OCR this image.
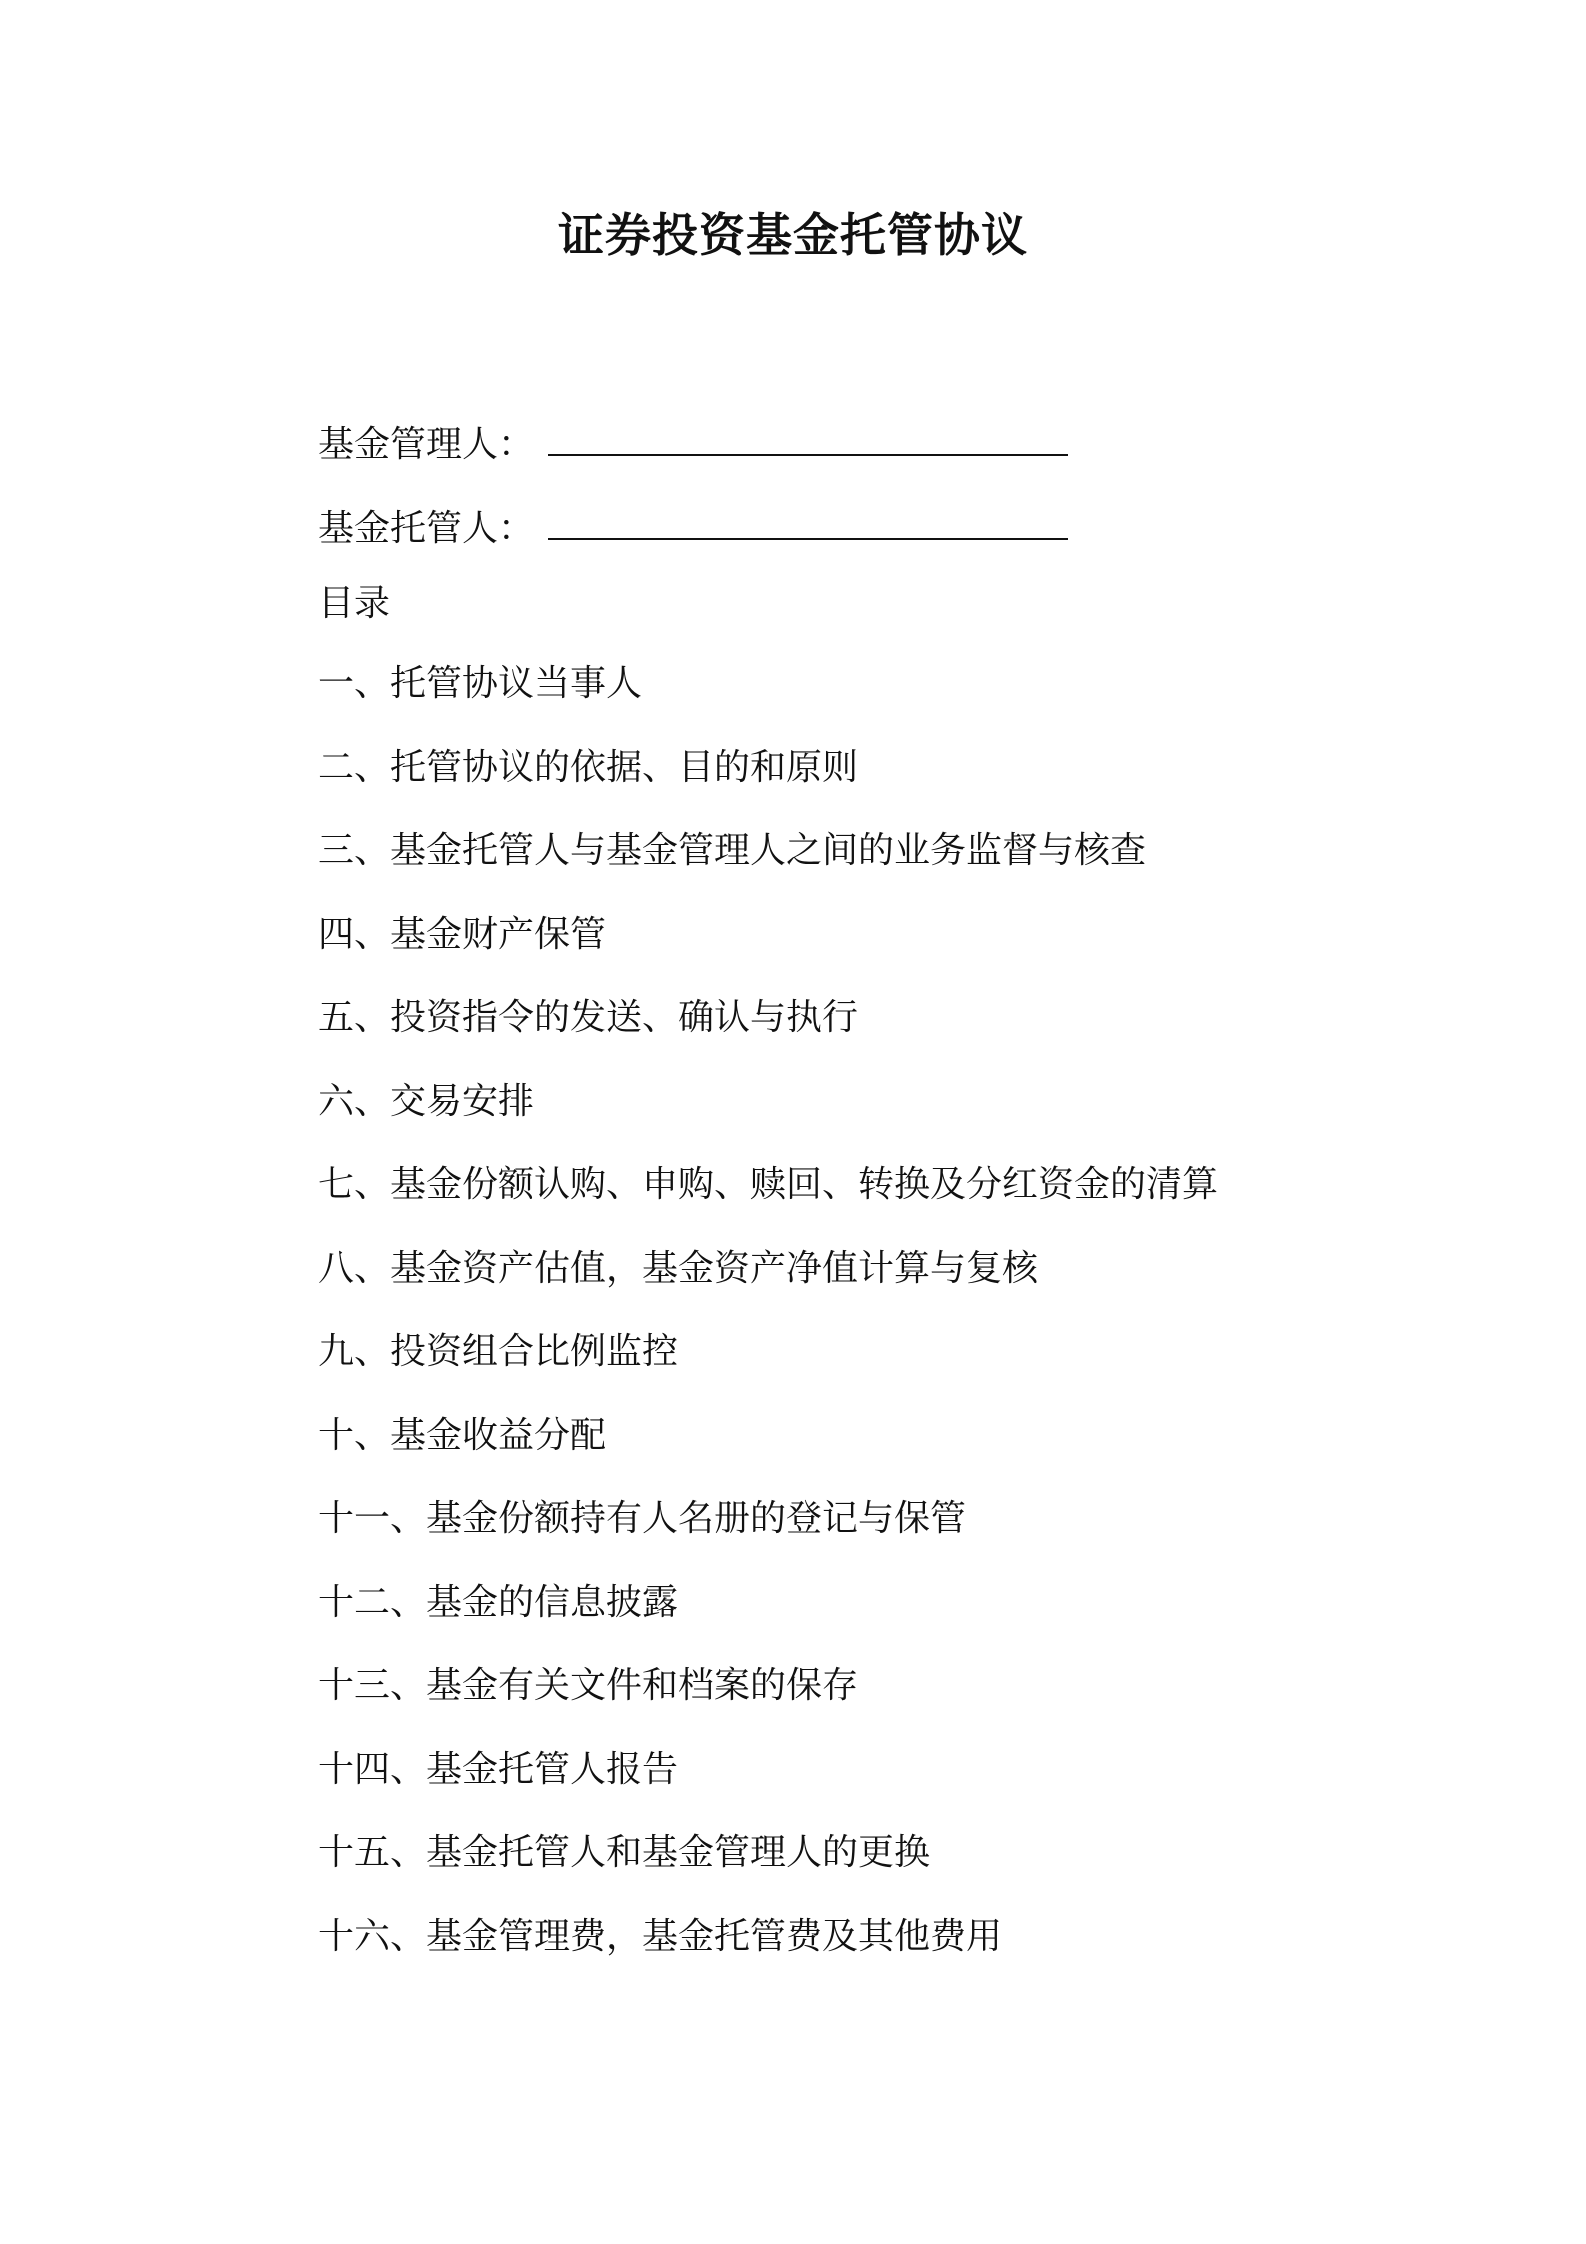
证券投资基金托管协议
基金管理人：
基金托管人：
目录
一、托管协议当事人
二、托管协议的依据、目的和原则
三、基金托管人与基金管理人之间的业务监督与核查
四、基金财产保管
五、投资指令的发送、确认与执行
六、交易安排
七、基金份额认购、申购、赎回、转换及分红资金的清算
八、基金资产估值，基金资产净值计算与复核
九、投资组合比例监控
十、基金收益分配
十一、基金份额持有人名册的登记与保管
十二、基金的信息披露
十三、基金有关文件和档案的保存
十四、基金托管人报告
十五、基金托管人和基金管理人的更换
十六、基金管理费，基金托管费及其他费用
